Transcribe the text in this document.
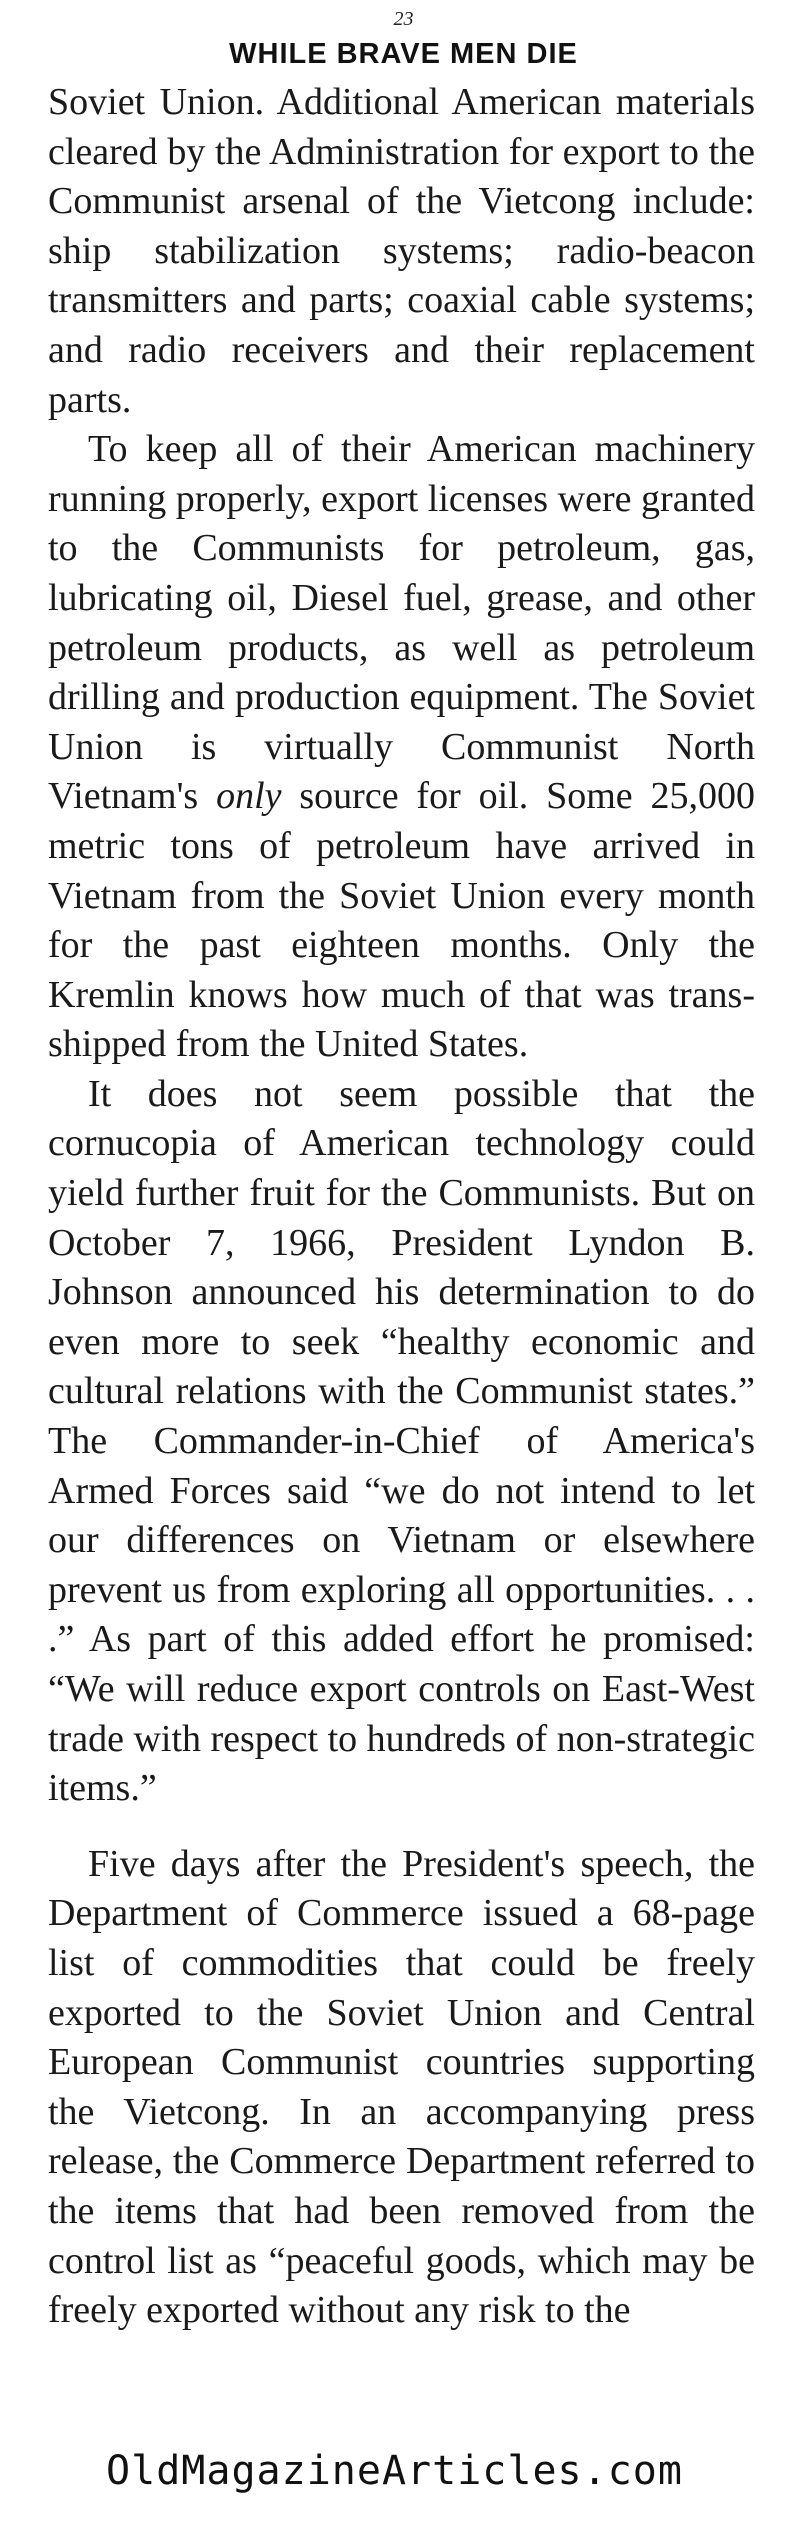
23
WHILE BRAVE MEN DIE

Soviet Union. Additional American materials cleared by the Administration for export to the Communist arsenal of the Vietcong include: ship stabilization systems; radio-beacon transmitters and parts; coaxial cable systems; and radio receivers and their replacement parts.

To keep all of their American machinery running properly, export licenses were granted to the Communists for petroleum, gas, lubricating oil, Diesel fuel, grease, and other petroleum products, as well as petroleum drilling and production equipment. The Soviet Union is virtually Communist North Vietnam's only source for oil. Some 25,000 metric tons of petroleum have arrived in Vietnam from the Soviet Union every month for the past eighteen months. Only the Kremlin knows how much of that was trans-shipped from the United States.

It does not seem possible that the cornucopia of American technology could yield further fruit for the Communists. But on October 7, 1966, President Lyndon B. Johnson announced his determination to do even more to seek “healthy economic and cultural relations with the Communist states.” The Commander-in-Chief of America's Armed Forces said “we do not intend to let our differences on Vietnam or elsewhere prevent us from exploring all opportunities. . . .” As part of this added effort he promised: “We will reduce export controls on East-West trade with respect to hundreds of non-strategic items.”

Five days after the President's speech, the Department of Commerce issued a 68-page list of commodities that could be freely exported to the Soviet Union and Central European Communist countries supporting the Vietcong. In an accompanying press release, the Commerce Department referred to the items that had been removed from the control list as “peaceful goods, which may be freely exported without any risk to the

OldMagazineArticles.com
